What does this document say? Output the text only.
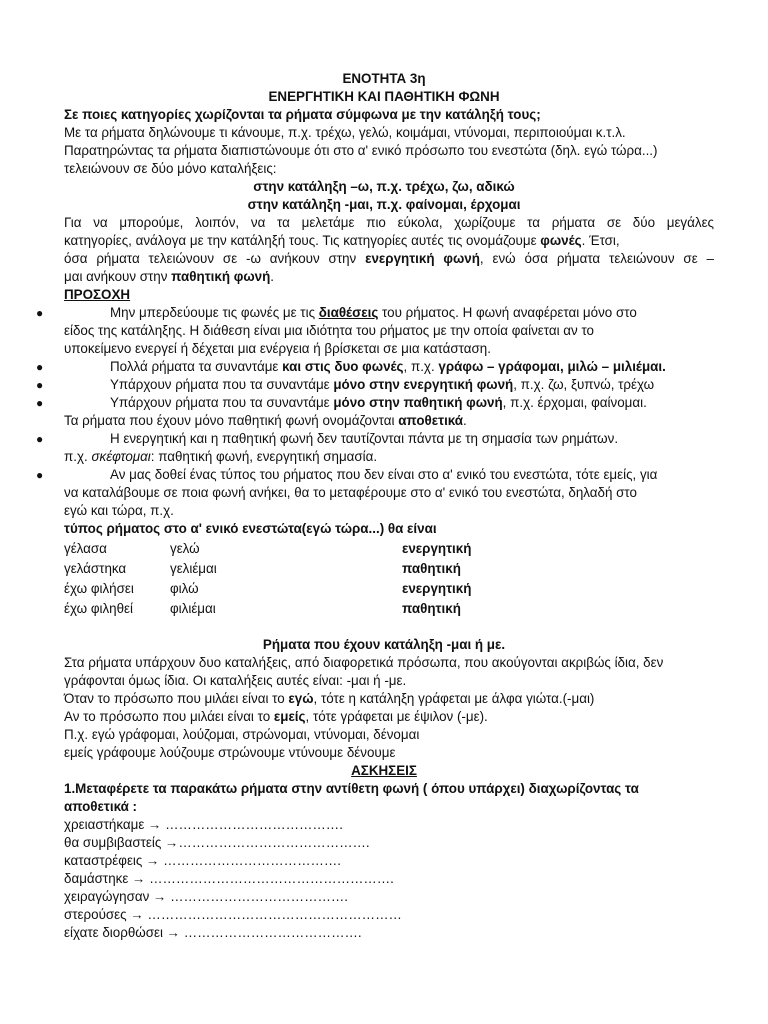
ΕΝΟΤΗΤΑ 3η
ΕΝΕΡΓΗΤΙΚΗ ΚΑΙ ΠΑΘΗΤΙΚΗ ΦΩΝΗ
Σε ποιες κατηγορίες χωρίζονται τα ρήματα σύμφωνα με την κατάληξή τους;
Με τα ρήματα δηλώνουμε τι κάνουμε, π.χ. τρέχω, γελώ, κοιμάμαι, ντύνομαι, περιποιούμαι κ.τ.λ.
Παρατηρώντας τα ρήματα διαπιστώνουμε ότι στο α' ενικό πρόσωπο του ενεστώτα (δηλ. εγώ τώρα...)
τελειώνουν σε δύο μόνο καταλήξεις:
στην κατάληξη –ω, π.χ. τρέχω, ζω, αδικώ
στην κατάληξη -μαι, π.χ. φαίνομαι, έρχομαι
Για να μπορούμε, λοιπόν, να τα μελετάμε πιο εύκολα, χωρίζουμε τα ρήματα σε δύο μεγάλες
κατηγορίες, ανάλογα με την κατάληξή τους. Τις κατηγορίες αυτές τις ονομάζουμε φωνές. Έτσι,
όσα ρήματα τελειώνουν σε -ω ανήκουν στην ενεργητική φωνή, ενώ όσα ρήματα τελειώνουν σε –
μαι ανήκουν στην παθητική φωνή.
ΠΡΟΣΟΧΗ
●	Μην μπερδεύουμε τις φωνές με τις διαθέσεις του ρήματος. Η φωνή αναφέρεται μόνο στο
είδος της κατάληξης. Η διάθεση είναι μια ιδιότητα του ρήματος με την οποία φαίνεται αν το
υποκείμενο ενεργεί ή δέχεται μια ενέργεια ή βρίσκεται σε μια κατάσταση.
●	Πολλά ρήματα τα συναντάμε και στις δυο φωνές, π.χ. γράφω – γράφομαι, μιλώ – μιλιέμαι.
●	Υπάρχουν ρήματα που τα συναντάμε μόνο στην ενεργητική φωνή, π.χ. ζω, ξυπνώ, τρέχω
●	Υπάρχουν ρήματα που τα συναντάμε μόνο στην παθητική φωνή, π.χ. έρχομαι, φαίνομαι.
Τα ρήματα που έχουν μόνο παθητική φωνή ονομάζονται αποθετικά.
●	Η ενεργητική και η παθητική φωνή δεν ταυτίζονται πάντα με τη σημασία των ρημάτων.
π.χ. σκέφτομαι: παθητική φωνή, ενεργητική σημασία.
●	Αν μας δοθεί ένας τύπος του ρήματος που δεν είναι στο α' ενικό του ενεστώτα, τότε εμείς, για
να καταλάβουμε σε ποια φωνή ανήκει, θα το μεταφέρουμε στο α' ενικό του ενεστώτα, δηλαδή στο
εγώ και τώρα, π.χ.
τύπος ρήματος στο α' ενικό ενεστώτα(εγώ τώρα...) θα είναι
γέλασα	γελώ	ενεργητική
γελάστηκα	γελιέμαι	παθητική
έχω φιλήσει	φιλώ	ενεργητική
έχω φιληθεί	φιλιέμαι	παθητική
Ρήματα που έχουν κατάληξη -μαι ή με.
Στα ρήματα υπάρχουν δυο καταλήξεις, από διαφορετικά πρόσωπα, που ακούγονται ακριβώς ίδια, δεν
γράφονται όμως ίδια. Οι καταλήξεις αυτές είναι: -μαι ή -με.
Όταν το πρόσωπο που μιλάει είναι το εγώ, τότε η κατάληξη γράφεται με άλφα γιώτα.(-μαι)
Αν το πρόσωπο που μιλάει είναι το εμείς, τότε γράφεται με έψιλον (-με).
Π.χ. εγώ γράφομαι, λούζομαι, στρώνομαι, ντύνομαι, δένομαι
εμείς γράφουμε λούζουμε στρώνουμε ντύνουμε δένουμε
ΑΣΚΗΣΕΙΣ
1.Μεταφέρετε τα παρακάτω ρήματα στην αντίθετη φωνή ( όπου υπάρχει) διαχωρίζοντας τα
αποθετικά :
χρειαστήκαμε → ………………………………….
θα συμβιβαστείς →…………………………………….
καταστρέφεις → ………………………………….
δαμάστηκε → ……………………………………………….
χειραγώγησαν → ………………………………….
στερούσες → …………………………………………………
είχατε διορθώσει → ………………………………….
